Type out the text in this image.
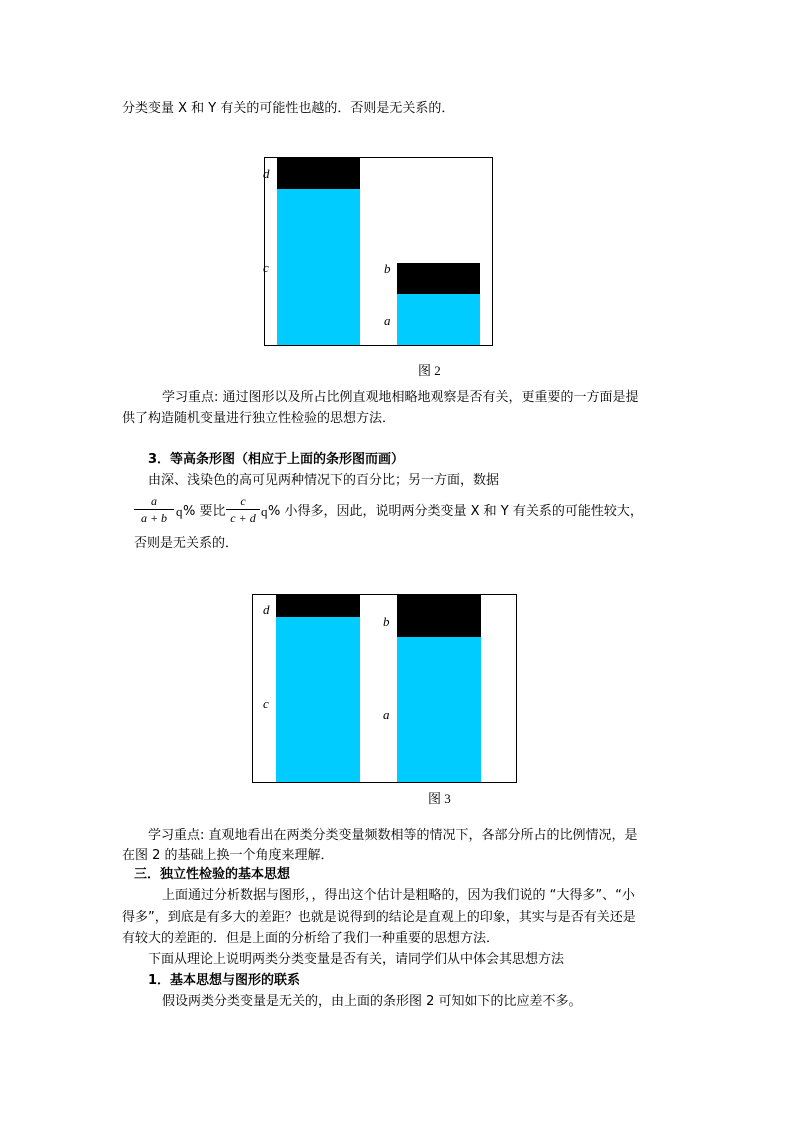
分类变量 X 和 Y 有关的可能性也越的．否则是无关系的．
d
c	b
a
图 2
学习重点: 通过图形以及所占比例直观地相略地观察是否有关，更重要的一方面是提
供了构造随机变量进行独立性检验的思想方法．
3．等高条形图（相应于上面的条形图而画）
由深、浅染色的高可见两种情况下的百分比；另一方面，数据
a
a + b q % 要比
c
c + d q % 小得多，因此，说明两分类变量 X 和 Y 有关系的可能性较大，
否则是无关系的．
d
c
b
a
图 3
学习重点: 直观地看出在两类分类变量频数相等的情况下，各部分所占的比例情况，是
在图 2 的基础上换一个角度来理解．
三．独立性检验的基本思想
上面通过分析数据与图形，，得出这个估计是粗略的，因为我们说的 “大得多”、“小
得多”，到底是有多大的差距？也就是说得到的结论是直观上的印象，其实与是否有关还是
有较大的差距的．但是上面的分析给了我们一种重要的思想方法．
下面从理论上说明两类分类变量是否有关，请同学们从中体会其思想方法
1．基本思想与图形的联系
假设两类分类变量是无关的，由上面的条形图 2 可知如下的比应差不多。
